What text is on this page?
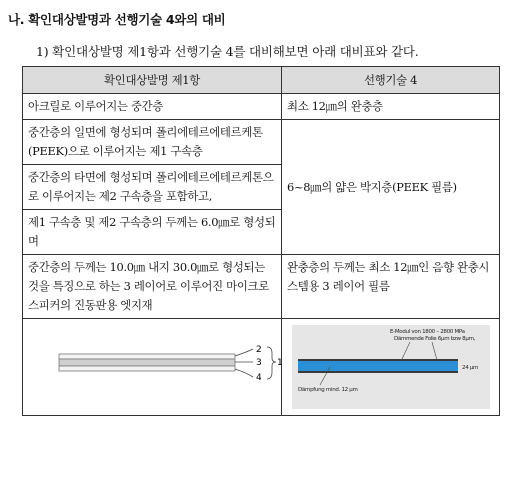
나. 확인대상발명과 선행기술 4와의 대비
1) 확인대상발명 제1항과 선행기술 4를 대비해보면 아래 대비표와 같다.
확인대상발명 제1항	선행기술 4
아크릴로 이루어지는 중간층	최소 12㎛의 완충층
중간층의 일면에 형성되며 폴리에테르에테르케톤(PEEK)으로 이루어지는 제1 구속층	6~8㎛의 얇은 박지층(PEEK 필름)
중간층의 타면에 형성되며 폴리에테르에테르케톤으로 이루어지는 제2 구속층을 포함하고,	
제1 구속층 및 제2 구속층의 두께는 6.0㎛로 형성되며	
중간층의 두께는 10.0㎛ 내지 30.0㎛로 형성되는 것을 특징으로 하는 3 레이어로 이루어진 마이크로 스피커의 진동판용 엣지재	완충층의 두께는 최소 12㎛인 음향 완충시스템용 3 레이어 필름

2
3
4
1	E-Modul von 1800 – 2800 MPa
Dämmende Folie 6µm bzw 8µm,
24 µm
Dämpfung mind. 12 µm
